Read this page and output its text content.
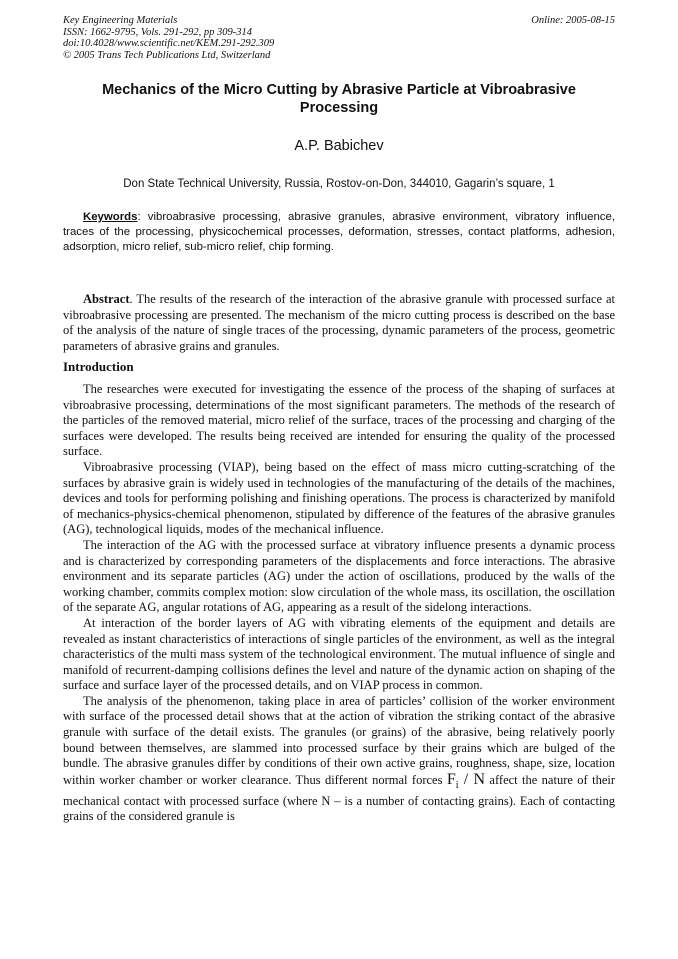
Key Engineering Materials
ISSN: 1662-9795, Vols. 291-292, pp 309-314
doi:10.4028/www.scientific.net/KEM.291-292.309
© 2005 Trans Tech Publications Ltd, Switzerland
Online: 2005-08-15
Mechanics of the Micro Cutting by Abrasive Particle at Vibroabrasive Processing
A.P. Babichev
Don State Technical University, Russia, Rostov-on-Don, 344010, Gagarin’s square, 1
Keywords: vibroabrasive processing, abrasive granules, abrasive environment, vibratory influence, traces of the processing, physicochemical processes, deformation, stresses, contact platforms, adhesion, adsorption, micro relief, sub-micro relief, chip forming.
Abstract. The results of the research of the interaction of the abrasive granule with processed surface at vibroabrasive processing are presented. The mechanism of the micro cutting process is described on the base of the analysis of the nature of single traces of the processing, dynamic parameters of the process, geometric parameters of abrasive grains and granules.
Introduction

The researches were executed for investigating the essence of the process of the shaping of surfaces at vibroabrasive processing, determinations of the most significant parameters. The methods of the research of the particles of the removed material, micro relief of the surface, traces of the processing and charging of the surfaces were developed. The results being received are intended for ensuring the quality of the processed surface.

Vibroabrasive processing (VIAP), being based on the effect of mass micro cutting-scratching of the surfaces by abrasive grain is widely used in technologies of the manufacturing of the details of the machines, devices and tools for performing polishing and finishing operations. The process is characterized by manifold of mechanics-physics-chemical phenomenon, stipulated by difference of the features of the abrasive granules (AG), technological liquids, modes of the mechanical influence.

The interaction of the AG with the processed surface at vibratory influence presents a dynamic process and is characterized by corresponding parameters of the displacements and force interactions. The abrasive environment and its separate particles (AG) under the action of oscillations, produced by the walls of the working chamber, commits complex motion: slow circulation of the whole mass, its oscillation, the oscillation of the separate AG, angular rotations of AG, appearing as a result of the sidelong interactions.

At interaction of the border layers of AG with vibrating elements of the equipment and details are revealed as instant characteristics of interactions of single particles of the environment, as well as the integral characteristics of the multi mass system of the technological environment. The mutual influence of single and manifold of recurrent-damping collisions defines the level and nature of the dynamic action on shaping of the surface and surface layer of the processed details, and on VIAP process in common.

The analysis of the phenomenon, taking place in area of particles’ collision of the worker environment with surface of the processed detail shows that at the action of vibration the striking contact of the abrasive granule with surface of the detail exists. The granules (or grains) of the abrasive, being relatively poorly bound between themselves, are slammed into processed surface by their grains which are bulged of the bundle. The abrasive granules differ by conditions of their own active grains, roughness, shape, size, location within worker chamber or worker clearance. Thus different normal forces $F_i$ / N affect the nature of their mechanical contact with processed surface (where N – is a number of contacting grains). Each of contacting grains of the considered granule is
